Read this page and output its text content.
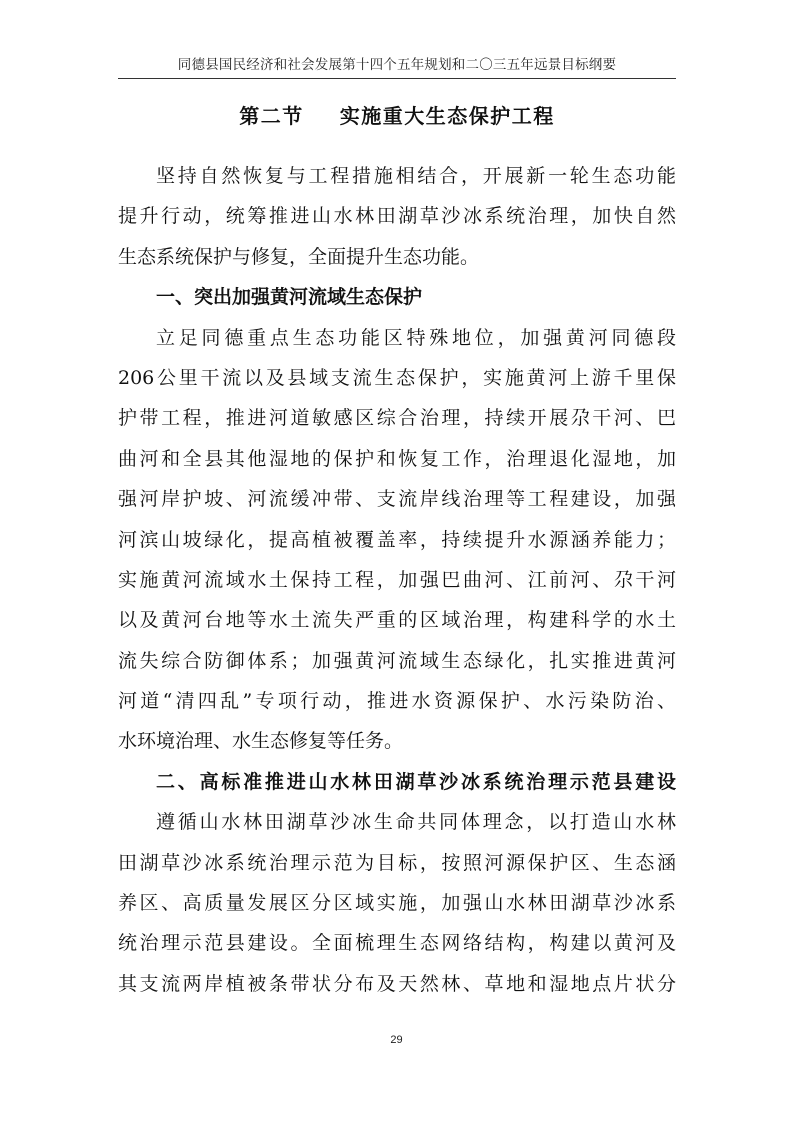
同德县国民经济和社会发展第十四个五年规划和二〇三五年远景目标纲要
第二节 实施重大生态保护工程
坚持自然恢复与工程措施相结合，开展新一轮生态功能
提升行动，统筹推进山水林田湖草沙冰系统治理，加快自然
生态系统保护与修复，全面提升生态功能。
一、突出加强黄河流域生态保护
立足同德重点生态功能区特殊地位，加强黄河同德段
206公里干流以及县域支流生态保护，实施黄河上游千里保
护带工程，推进河道敏感区综合治理，持续开展尕干河、巴
曲河和全县其他湿地的保护和恢复工作，治理退化湿地，加
强河岸护坡、河流缓冲带、支流岸线治理等工程建设，加强
河滨山坡绿化，提高植被覆盖率，持续提升水源涵养能力；
实施黄河流域水土保持工程，加强巴曲河、江前河、尕干河
以及黄河台地等水土流失严重的区域治理，构建科学的水土
流失综合防御体系；加强黄河流域生态绿化，扎实推进黄河
河道“清四乱”专项行动，推进水资源保护、水污染防治、
水环境治理、水生态修复等任务。
二、高标准推进山水林田湖草沙冰系统治理示范县建设
遵循山水林田湖草沙冰生命共同体理念，以打造山水林
田湖草沙冰系统治理示范为目标，按照河源保护区、生态涵
养区、高质量发展区分区域实施，加强山水林田湖草沙冰系
统治理示范县建设。全面梳理生态网络结构，构建以黄河及
其支流两岸植被条带状分布及天然林、草地和湿地点片状分
29
